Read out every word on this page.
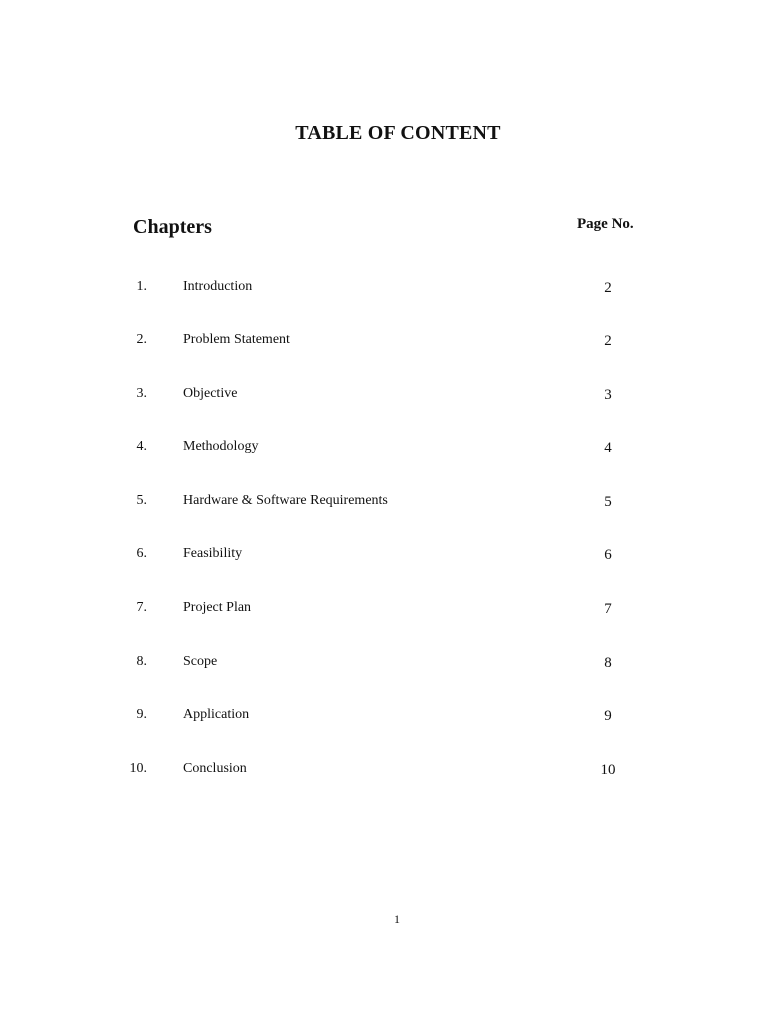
TABLE OF CONTENT
Chapters	Page No.
1.	Introduction	2
2.	Problem Statement	2
3.	Objective	3
4.	Methodology	4
5.	Hardware & Software Requirements	5
6.	Feasibility	6
7.	Project Plan	7
8.	Scope	8
9.	Application	9
10.	Conclusion	10
1
